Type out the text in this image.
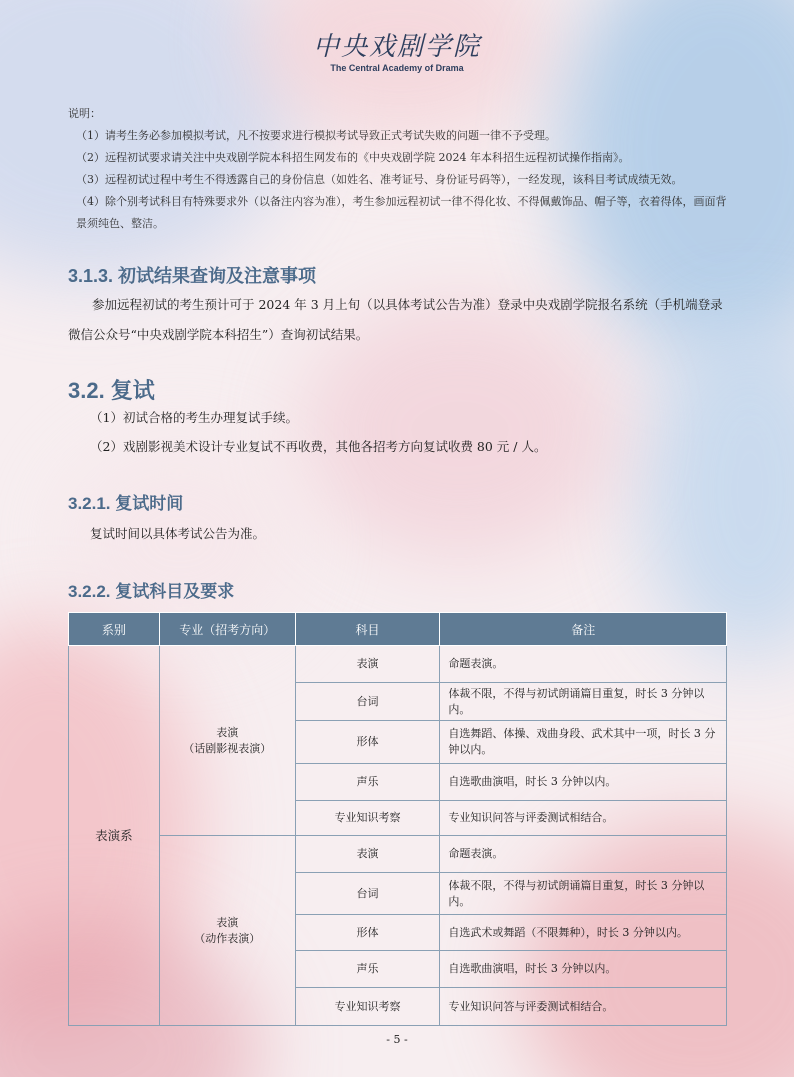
中央戏剧学院
The Central Academy of Drama

说明：

（1）请考生务必参加模拟考试，凡不按要求进行模拟考试导致正式考试失败的问题一律不予受理。

（2）远程初试要求请关注中央戏剧学院本科招生网发布的《中央戏剧学院 2024 年本科招生远程初试操作指南》。

（3）远程初试过程中考生不得透露自己的身份信息（如姓名、准考证号、身份证号码等），一经发现，该科目考试成绩无效。

（4）除个别考试科目有特殊要求外（以备注内容为准），考生参加远程初试一律不得化妆、不得佩戴饰品、帽子等，衣着得体，画面背景须纯色、整洁。

3.1.3. 初试结果查询及注意事项
参加远程初试的考生预计可于 2024 年 3 月上旬（以具体考试公告为准）登录中央戏剧学院报名系统（手机端登录微信公众号“中央戏剧学院本科招生”）查询初试结果。
3.2. 复试
（1）初试合格的考生办理复试手续。
（2）戏剧影视美术设计专业复试不再收费，其他各招考方向复试收费 80 元 / 人。
3.2.1. 复试时间
复试时间以具体考试公告为准。
3.2.2. 复试科目及要求
系别	专业（招考方向）	科目	备注
表演系	表演
（话剧影视表演）	表演	命题表演。
		台词	体裁不限，不得与初试朗诵篇目重复，时长 3 分钟以内。
		形体	自选舞蹈、体操、戏曲身段、武术其中一项，时长 3 分钟以内。
		声乐	自选歌曲演唱，时长 3 分钟以内。
		专业知识考察	专业知识问答与评委测试相结合。
	表演
（动作表演）	表演	命题表演。
		台词	体裁不限，不得与初试朗诵篇目重复，时长 3 分钟以内。
		形体	自选武术或舞蹈（不限舞种），时长 3 分钟以内。
		声乐	自选歌曲演唱，时长 3 分钟以内。
		专业知识考察	专业知识问答与评委测试相结合。
- 5 -
